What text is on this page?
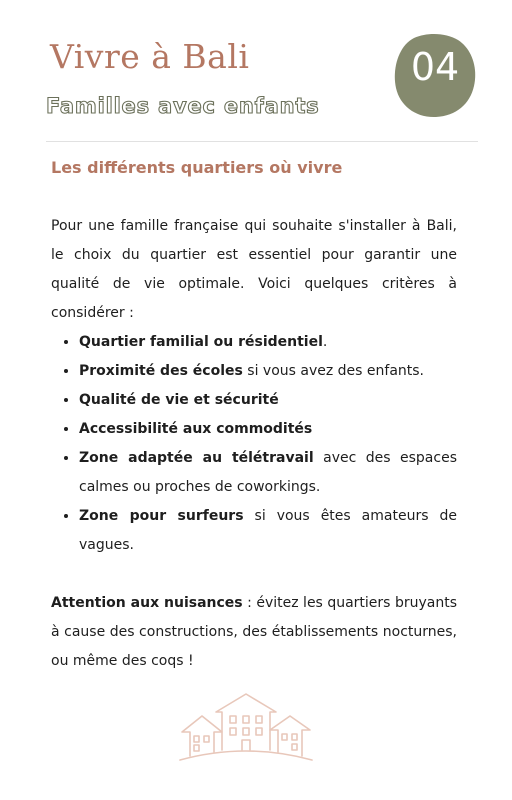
Vivre à Bali
Familles avec enfants
04
Les différents quartiers où vivre

Pour une famille française qui souhaite s'installer à Bali, le choix du quartier est essentiel pour garantir une qualité de vie optimale. Voici quelques critères à considérer :

• Quartier familial ou résidentiel.
• Proximité des écoles si vous avez des enfants.
• Qualité de vie et sécurité
• Accessibilité aux commodités
• Zone adaptée au télétravail avec des espaces calmes ou proches de coworkings.
• Zone pour surfeurs si vous êtes amateurs de vagues.

Attention aux nuisances : évitez les quartiers bruyants à cause des constructions, des établissements nocturnes, ou même des coqs !
